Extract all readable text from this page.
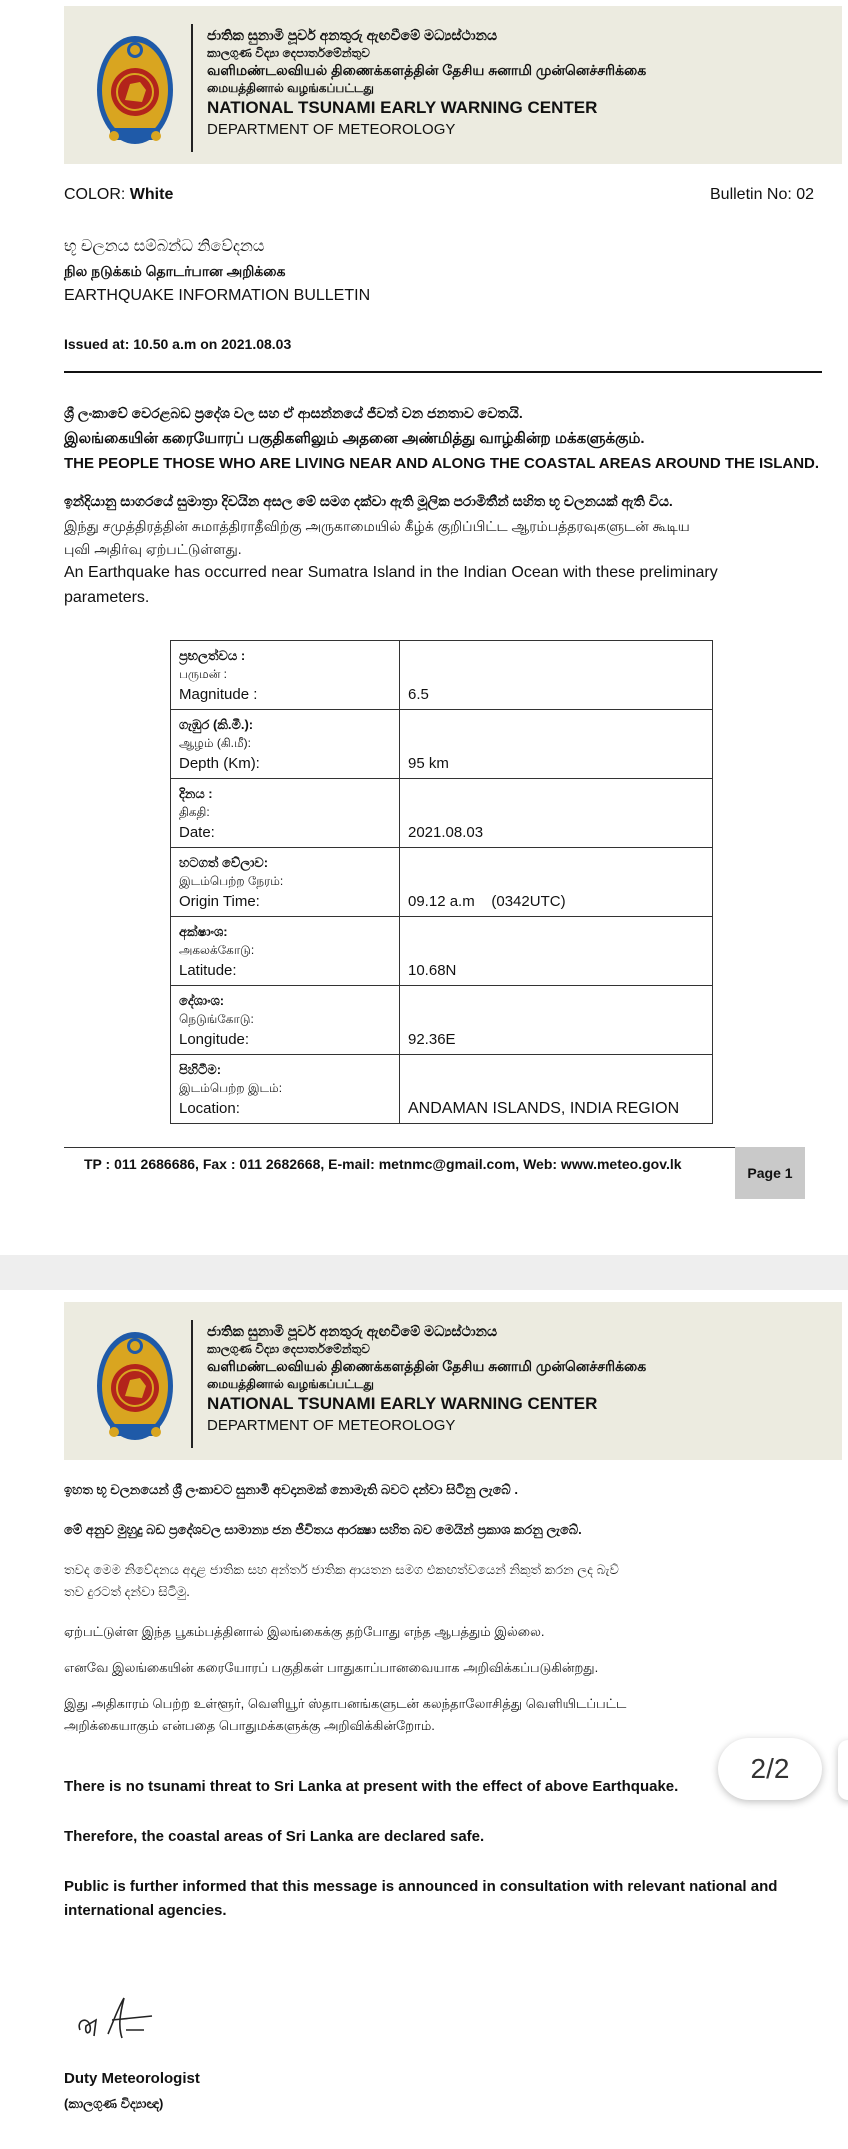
ජාතික සුනාමි පූර්ව අනතුරු ඇඟවීමේ මධ්‍යස්ථානය
කාලගුණ විද්‍යා දෙපාර්තමේන්තුව
வளிமண்டலவியல் திணைக்களத்தின் தேசிய சுனாமி முன்னெச்சரிக்கை
மையத்தினால் வழங்கப்பட்டது
NATIONAL TSUNAMI EARLY WARNING CENTER
DEPARTMENT OF METEOROLOGY
COLOR: White	Bulletin No: 02
භූ චලනය සම්බන්ධ නිවේදනය
நில நடுக்கம் தொடர்பான அறிக்கை
EARTHQUAKE INFORMATION BULLETIN
Issued at: 10.50 a.m on 2021.08.03
ශ්‍රී ලංකාවේ වෙරළබඩ ප්‍රදේශ වල සහ ඒ ආසන්නයේ ජීවත් වන ජනතාව වෙතයි.
இலங்கையின் கரையோரப் பகுதிகளிலும் அதனை அண்மித்து வாழ்கின்ற மக்களுக்கும்.
THE PEOPLE THOSE WHO ARE LIVING NEAR AND ALONG THE COASTAL AREAS AROUND THE ISLAND.
ඉන්දියානු සාගරයේ සුමාත්‍රා දිවයින අසල මේ සමග දක්වා ඇති මූලික පරාමිතීන් සහිත භූ චලනයක් ඇති විය.
இந்து சமுத்திரத்தின் சுமாத்திராதீவிற்கு அருகாமையில் கீழ்க் குறிப்பிட்ட ஆரம்பத்தரவுகளுடன் கூடிய
புவி அதிர்வு ஏற்பட்டுள்ளது.
An Earthquake has occurred near Sumatra Island in the Indian Ocean with these preliminary
parameters.
ප්‍රභලත්වය :
பருமன் :
Magnitude :	6.5

ගැඹුර (කි.මී.):
ஆழம் (கி.மீ):
Depth (Km):	95 km

දිනය :
திகதி:
Date:	2021.08.03

හටගත් වේලාව:
இடம்பெற்ற நேரம்:
Origin Time:	09.12 a.m    (0342UTC)

අක්ෂාංශ:
அகலக்கோடு:
Latitude:	10.68N

දේශාංශ:
நெடுங்கோடு:
Longitude:	92.36E

පිහිටීම:
இடம்பெற்ற இடம்:
Location:	ANDAMAN ISLANDS, INDIA REGION
TP : 011 2686686, Fax : 011 2682668, E-mail: metnmc@gmail.com, Web: www.meteo.gov.lk
Page 1
ජාතික සුනාමි පූර්ව අනතුරු ඇඟවීමේ මධ්‍යස්ථානය
කාලගුණ විද්‍යා දෙපාර්තමේන්තුව
வளிமண்டலவியல் திணைக்களத்தின் தேசிய சுனாமி முன்னெச்சரிக்கை
மையத்தினால் வழங்கப்பட்டது
NATIONAL TSUNAMI EARLY WARNING CENTER
DEPARTMENT OF METEOROLOGY
ඉහත භූ චලනයෙන් ශ්‍රී ලංකාවට සුනාමි අවදානමක් නොමැති බවට දන්වා සිටිනු ලැබේ .
මේ අනුව මුහුදු බඩ ප්‍රදේශවල සාමාන්‍ය ජන ජීවිතය ආරක්‍ෂා සහිත බව මෙයින් ප්‍රකාශ කරනු ලැබේ.
තවද මෙම නිවේදනය අදාළ ජාතික සහ අන්තර් ජාතික ආයතන සමග එකඟත්වයෙන් නිකුත් කරන ලද බැව්
තව දුරටත් දන්වා සිටිමු.
ஏற்பட்டுள்ள இந்த பூகம்பத்தினால் இலங்கைக்கு தற்போது எந்த ஆபத்தும் இல்லை.
எனவே இலங்கையின் கரையோரப் பகுதிகள் பாதுகாப்பானவையாக அறிவிக்கப்படுகின்றது.
இது அதிகாரம் பெற்ற உள்ளூர், வெளியூர் ஸ்தாபனங்களுடன் கலந்தாலோசித்து வெளியிடப்பட்ட
அறிக்கையாகும் என்பதை பொதுமக்களுக்கு அறிவிக்கின்றோம்.
There is no tsunami threat to Sri Lanka at present with the effect of above Earthquake.
Therefore, the coastal areas of Sri Lanka are declared safe.
Public is further informed that this message is announced in consultation with relevant national and
international agencies.
Duty Meteorologist
(කාලගුණ විද්‍යාඥ)
2/2
